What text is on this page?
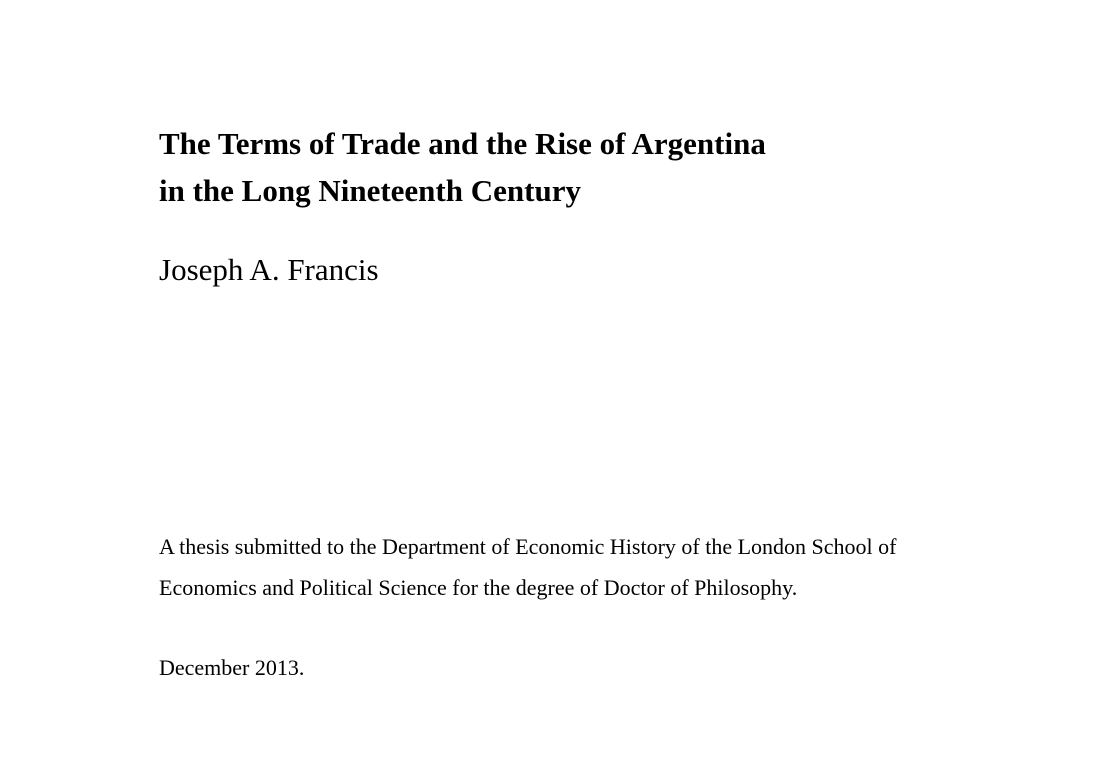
The Terms of Trade and the Rise of Argentina
in the Long Nineteenth Century
Joseph A. Francis
A thesis submitted to the Department of Economic History of the London School of
Economics and Political Science for the degree of Doctor of Philosophy.
December 2013.
